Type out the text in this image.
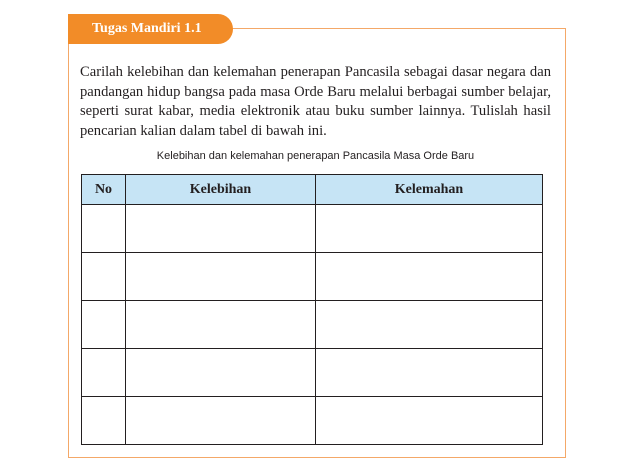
Tugas Mandiri 1.1

Carilah kelebihan dan kelemahan penerapan Pancasila sebagai dasar negara dan pandangan hidup bangsa pada masa Orde Baru melalui berbagai sumber belajar, seperti surat kabar, media elektronik atau buku sumber lainnya. Tulislah hasil pencarian kalian dalam tabel di bawah ini.

Kelebihan dan kelemahan penerapan Pancasila Masa Orde Baru
No	Kelebihan	Kelemahan
